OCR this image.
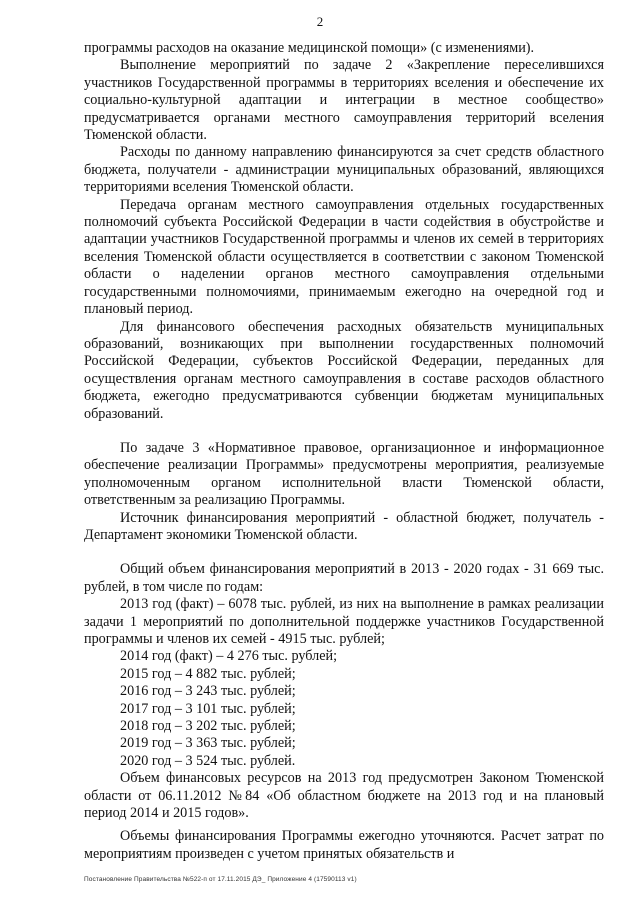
2

программы расходов на оказание медицинской помощи» (с изменениями).

Выполнение мероприятий по задаче 2 «Закрепление переселившихся участников Государственной программы в территориях вселения и обеспечение их социально-культурной адаптации и интеграции в местное сообщество» предусматривается органами местного самоуправления территорий вселения Тюменской области.

Расходы по данному направлению финансируются за счет средств областного бюджета, получатели - администрации муниципальных образований, являющихся территориями вселения Тюменской области.

Передача органам местного самоуправления отдельных государственных полномочий субъекта Российской Федерации в части содействия в обустройстве и адаптации участников Государственной программы и членов их семей в территориях вселения Тюменской области осуществляется в соответствии с законом Тюменской области о наделении органов местного самоуправления отдельными государственными полномочиями, принимаемым ежегодно на очередной год и плановый период.

Для финансового обеспечения расходных обязательств муниципальных образований, возникающих при выполнении государственных полномочий Российской Федерации, субъектов Российской Федерации, переданных для осуществления органам местного самоуправления в составе расходов областного бюджета, ежегодно предусматриваются субвенции бюджетам муниципальных образований.

По задаче 3 «Нормативное правовое, организационное и информационное обеспечение реализации Программы» предусмотрены мероприятия, реализуемые уполномоченным органом исполнительной власти Тюменской области, ответственным за реализацию Программы.

Источник финансирования мероприятий - областной бюджет, получатель - Департамент экономики Тюменской области.

Общий объем финансирования мероприятий в 2013 - 2020 годах - 31 669 тыс. рублей, в том числе по годам:

2013 год (факт) – 6078 тыс. рублей, из них на выполнение в рамках реализации задачи 1 мероприятий по дополнительной поддержке участников Государственной программы и членов их семей - 4915 тыс. рублей;

2014 год (факт) – 4 276 тыс. рублей;

2015 год – 4 882 тыс. рублей;

2016 год – 3 243 тыс. рублей;

2017 год – 3 101 тыс. рублей;

2018 год – 3 202 тыс. рублей;

2019 год – 3 363 тыс. рублей;

2020 год – 3 524 тыс. рублей.

Объем финансовых ресурсов на 2013 год предусмотрен Законом Тюменской области от 06.11.2012 №84 «Об областном бюджете на 2013 год и на плановый период 2014 и 2015 годов».

Объемы финансирования Программы ежегодно уточняются. Расчет затрат по мероприятиям произведен с учетом принятых обязательств и

Постановление Правительства №522-п от 17.11.2015 ДЭ_ Приложение 4 (17590113 v1)
